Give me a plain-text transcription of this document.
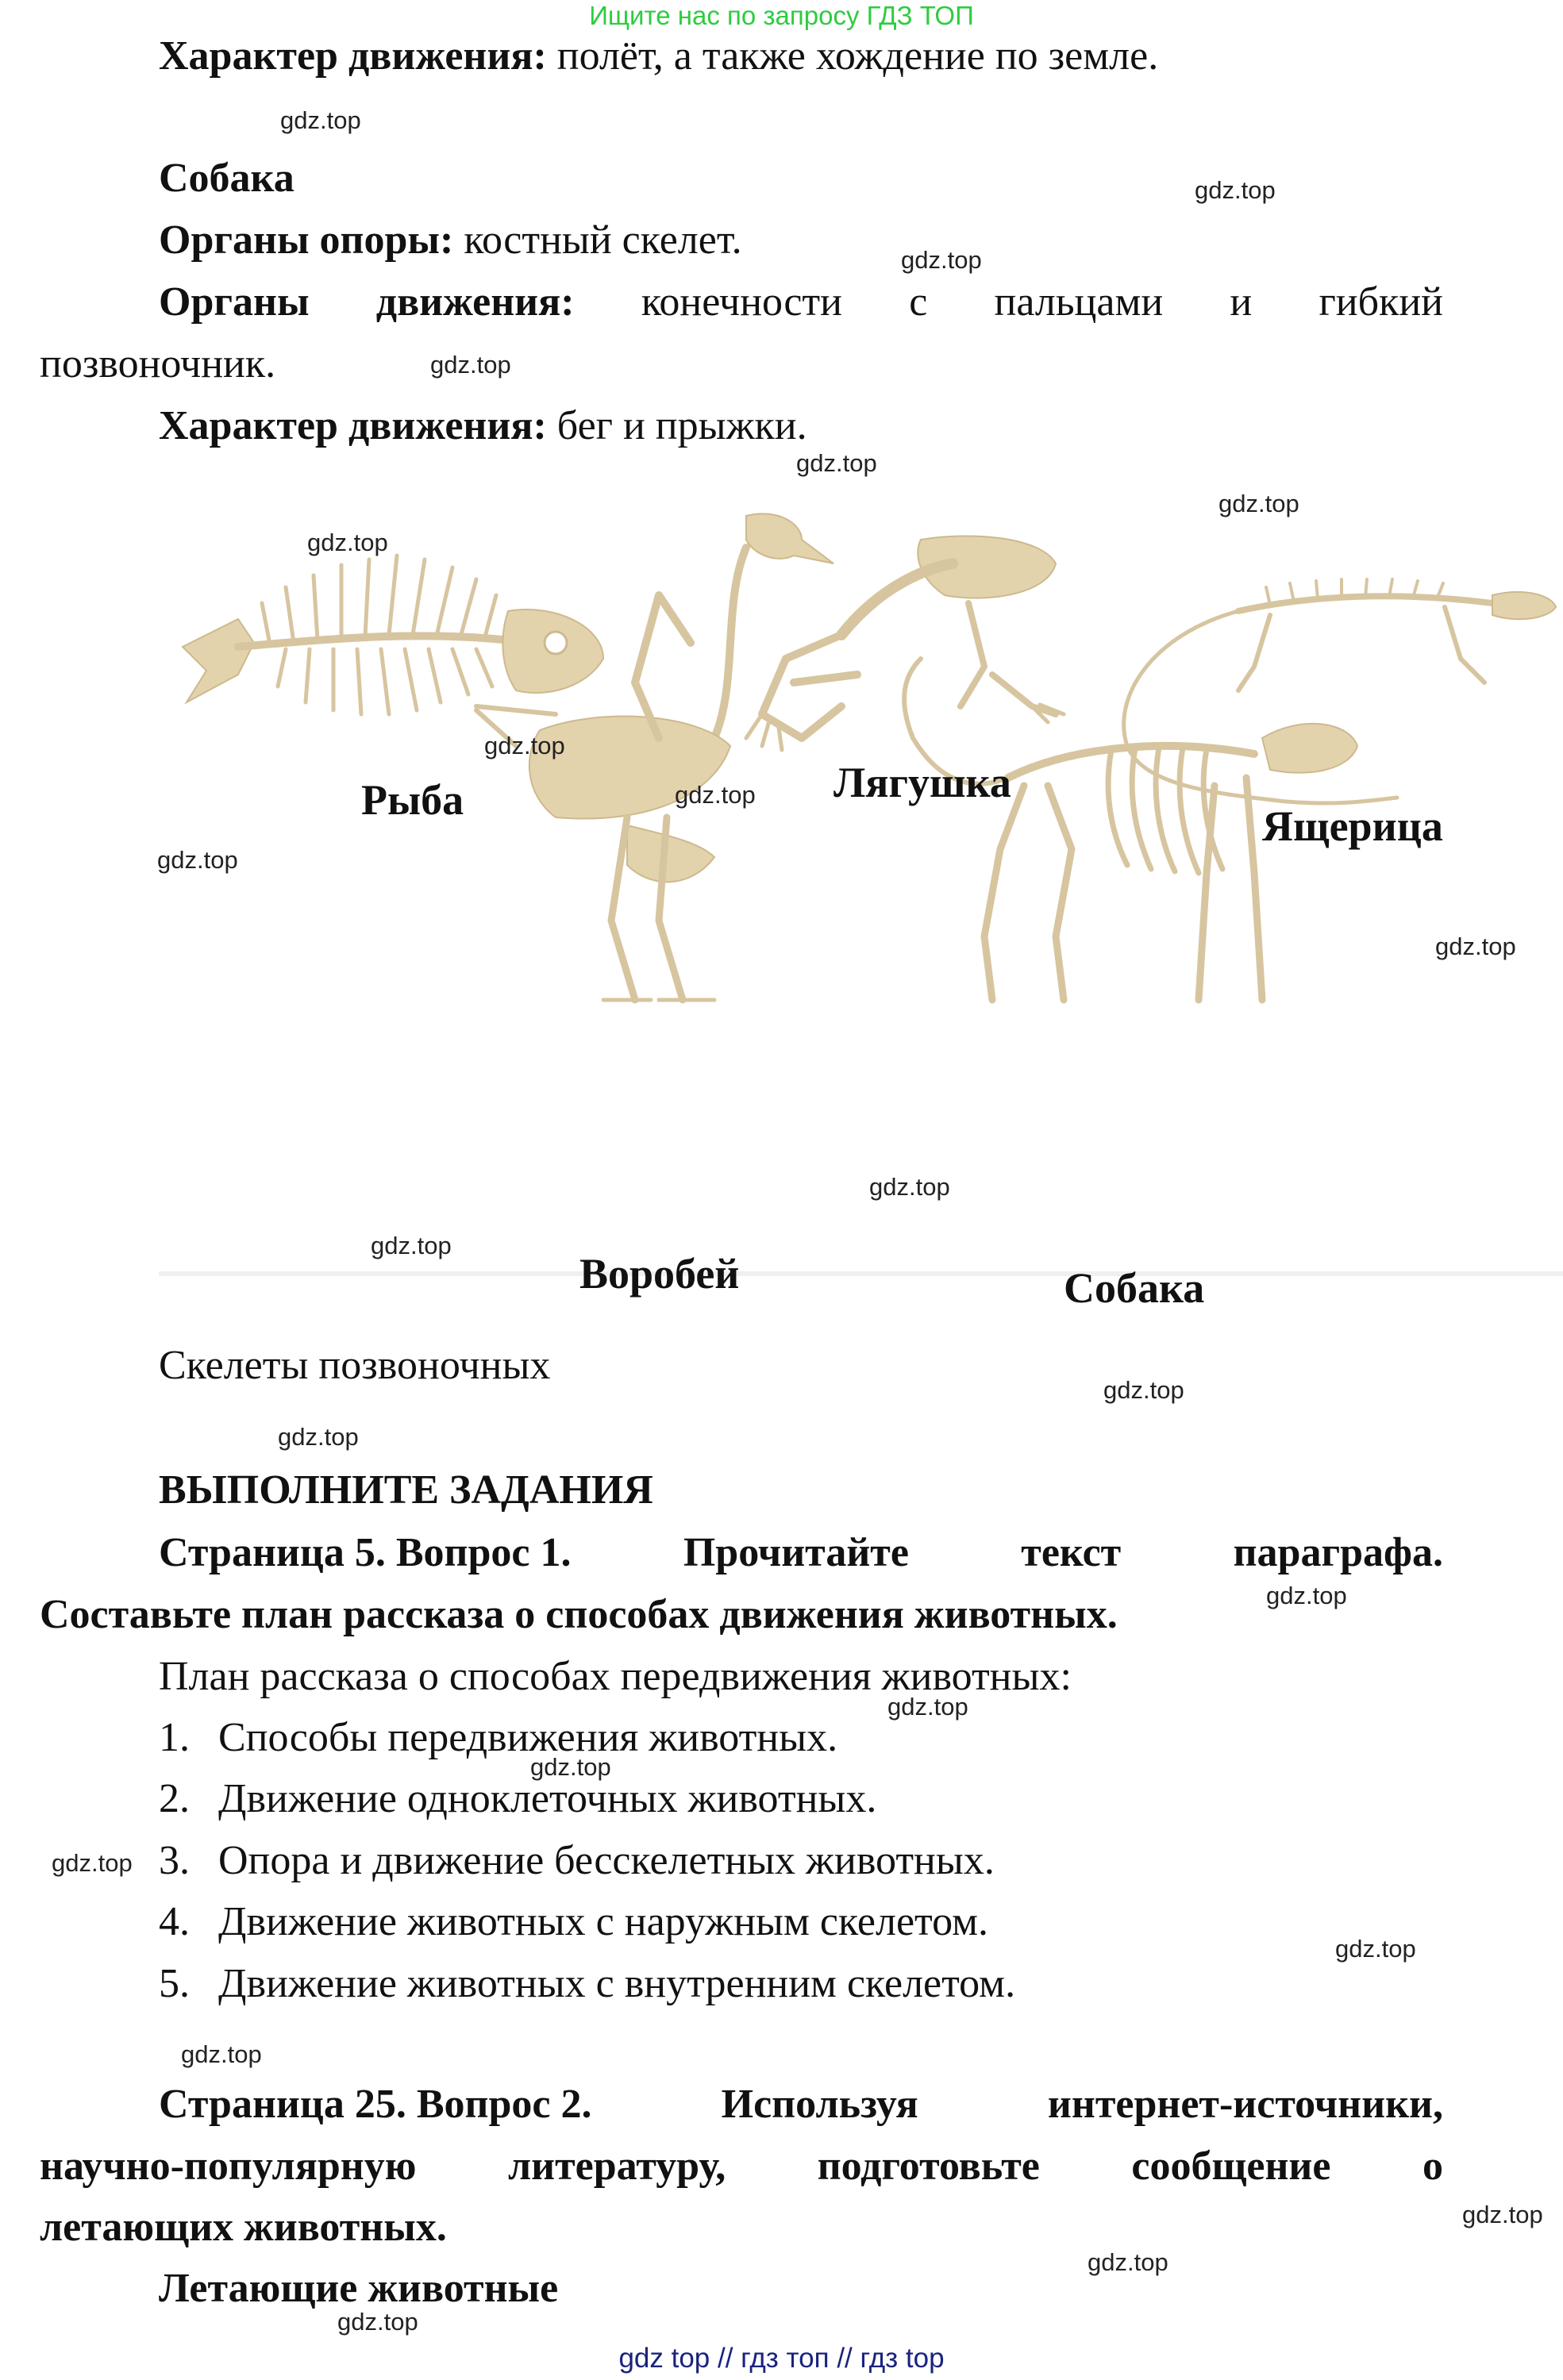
Ищите нас по запросу ГДЗ ТОП
Характер движения: полёт, а также хождение по земле.
Собака
Органы опоры: костный скелет.
Органы движения: конечности с пальцами и гибкий
позвоночник.
Характер движения: бег и прыжки.
Рыба	Лягушка
Ящерица
Воробей	Собака
Скелеты позвоночных
ВЫПОЛНИТЕ ЗАДАНИЯ
Страница 5. Вопрос 1.	Прочитайте	текст	параграфа.
Составьте план рассказа о способах движения животных.
План рассказа о способах передвижения животных:
1. Способы передвижения животных.
2. Движение одноклеточных животных.
3. Опора и движение бесскелетных животных.
4. Движение животных с наружным скелетом.
5. Движение животных с внутренним скелетом.
Страница 25. Вопрос 2.	Используя	интернет-источники,
научно-популярную литературу, подготовьте сообщение о
летающих животных.
Летающие животные
gdz.top
gdz.top
gdz.top
gdz.top
gdz.top
gdz.top
gdz.top
gdz.top
gdz.top
gdz.top
gdz.top
gdz.top
gdz.top
gdz.top
gdz.top
gdz.top
gdz.top
gdz.top
gdz.top
gdz.top
gdz.top
gdz.top
gdz.top
gdz.top
gdz top // гдз топ // гдз top
